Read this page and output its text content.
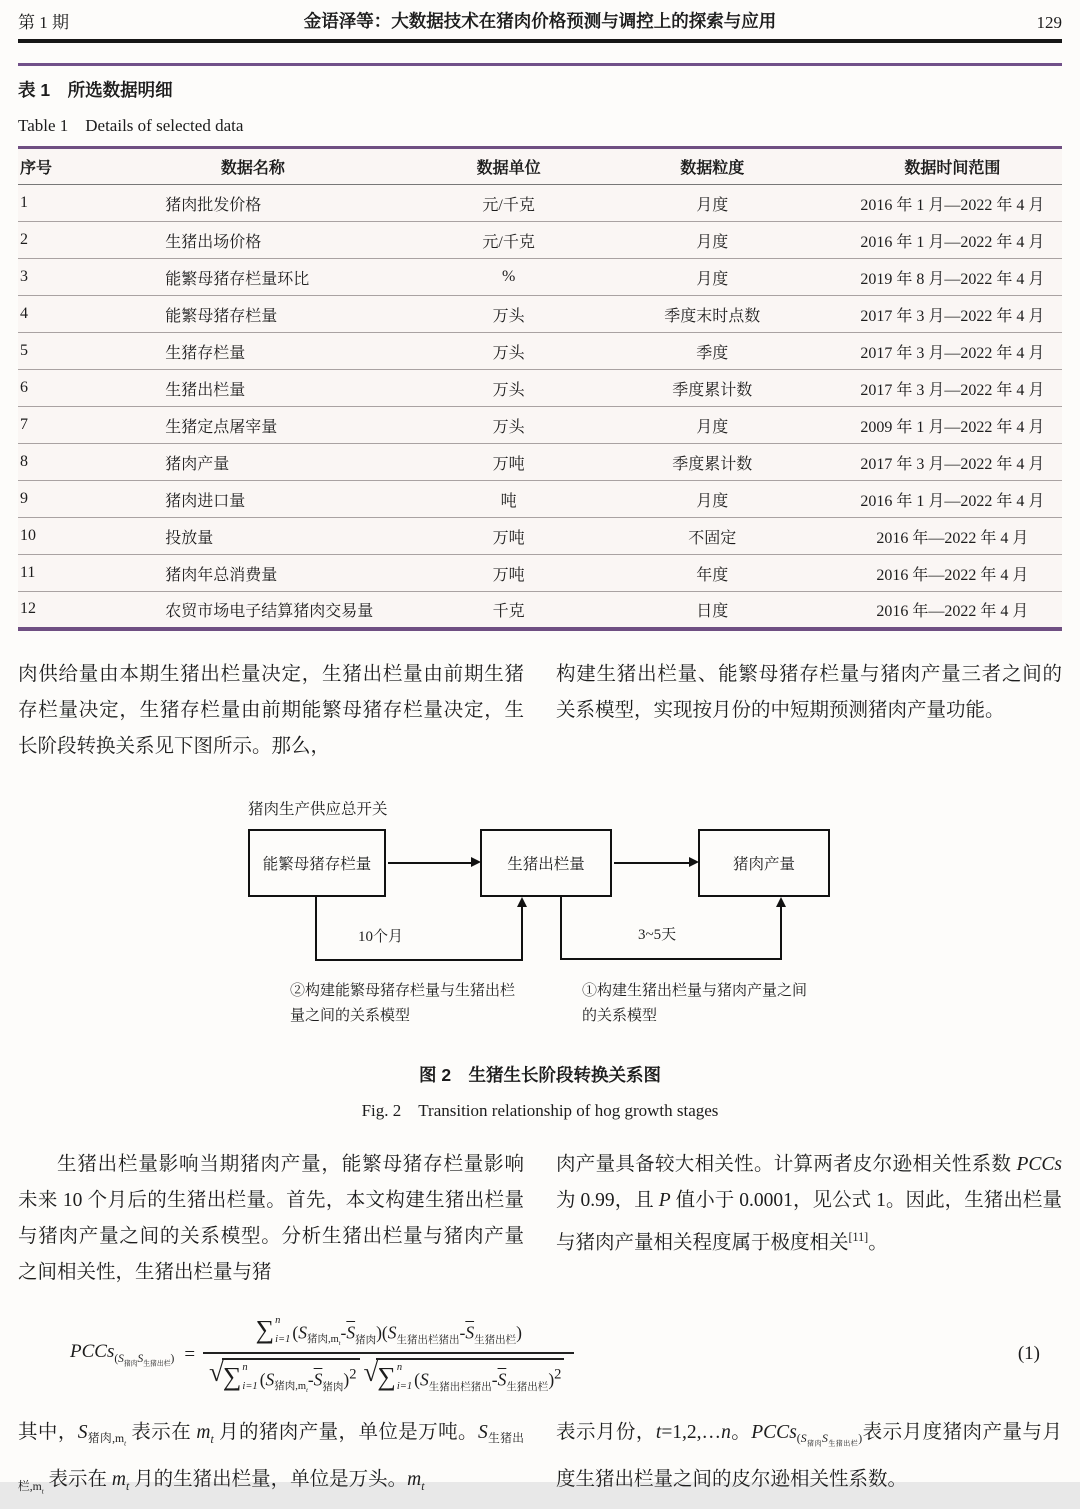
第 1 期	金语泽等：大数据技术在猪肉价格预测与调控上的探索与应用	129
表 1　所选数据明细
Table 1　Details of selected data
序号	数据名称	数据单位	数据粒度	数据时间范围
1	猪肉批发价格	元/千克	月度	2016 年 1 月—2022 年 4 月
2	生猪出场价格	元/千克	月度	2016 年 1 月—2022 年 4 月
3	能繁母猪存栏量环比	%	月度	2019 年 8 月—2022 年 4 月
4	能繁母猪存栏量	万头	季度末时点数	2017 年 3 月—2022 年 4 月
5	生猪存栏量	万头	季度	2017 年 3 月—2022 年 4 月
6	生猪出栏量	万头	季度累计数	2017 年 3 月—2022 年 4 月
7	生猪定点屠宰量	万头	月度	2009 年 1 月—2022 年 4 月
8	猪肉产量	万吨	季度累计数	2017 年 3 月—2022 年 4 月
9	猪肉进口量	吨	月度	2016 年 1 月—2022 年 4 月
10	投放量	万吨	不固定	2016 年—2022 年 4 月
11	猪肉年总消费量	万吨	年度	2016 年—2022 年 4 月
12	农贸市场电子结算猪肉交易量	千克	日度	2016 年—2022 年 4 月

肉供给量由本期生猪出栏量决定，生猪出栏量由前期生猪存栏量决定，生猪存栏量由前期能繁母猪存栏量决定，生长阶段转换关系见下图所示。那么，

构建生猪出栏量、能繁母猪存栏量与猪肉产量三者之间的关系模型，实现按月份的中短期预测猪肉产量功能。

猪肉生产供应总开关
能繁母猪存栏量	生猪出栏量	猪肉产量
10个月	3~5天
②构建能繁母猪存栏量与生猪出栏量之间的关系模型
①构建生猪出栏量与猪肉产量之间的关系模型
图 2　生猪生长阶段转换关系图
Fig. 2　Transition relationship of hog growth stages

生猪出栏量影响当期猪肉产量，能繁母猪存栏量影响未来 10 个月后的生猪出栏量。首先，本文构建生猪出栏量与猪肉产量之间的关系模型。分析生猪出栏量与猪肉产量之间相关性，生猪出栏量与猪

肉产量具备较大相关性。计算两者皮尔逊相关性系数 PCCs 为 0.99，且 P 值小于 0.0001，见公式 1。因此，生猪出栏量与猪肉产量相关程度属于极度相关[11]。

PCCs$_{(S_{猪肉}S_{生猪出栏})}$ = ∑ n
i=1 $(S_{猪肉,m_t}-\overline{S}_{猪肉})(S_{生猪出栏猪出}-\overline{S}_{生猪出栏})$
√ ∑ n
i=1 $(S_{猪肉,m_t}-\overline{S}_{猪肉})^2$ √ ∑ n
i=1 $(S_{生猪出栏猪出}-\overline{S}_{生猪出栏})^2$	(1)

其中，$S_{猪肉,m_t}$ 表示在 $m_t$ 月的猪肉产量，单位是万吨。$S_{生猪出栏,m_t}$ 表示在 $m_t$ 月的生猪出栏量，单位是万头。$m_t$

表示月份，t=1,2,…n。PCCs$_{(S_{猪肉}S_{生猪出栏})}$表示月度猪肉产量与月度生猪出栏量之间的皮尔逊相关性系数。
